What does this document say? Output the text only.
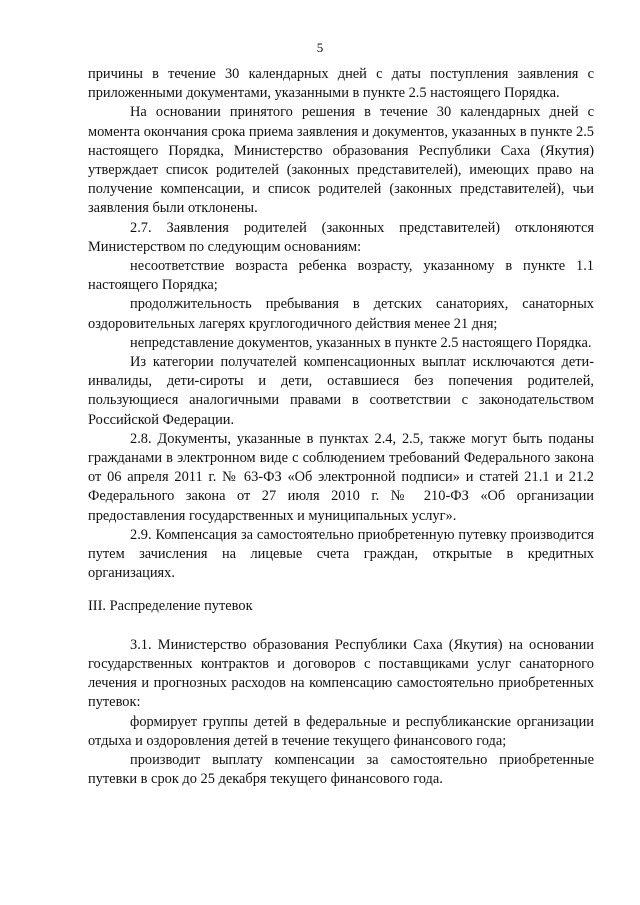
5

причины в течение 30 календарных дней с даты поступления заявления с приложенными документами, указанными в пункте 2.5 настоящего Порядка.

На основании принятого решения в течение 30 календарных дней с момента окончания срока приема заявления и документов, указанных в пункте 2.5 настоящего Порядка, Министерство образования Республики Саха (Якутия) утверждает список родителей (законных представителей), имеющих право на получение компенсации, и список родителей (законных представителей), чьи заявления были отклонены.

2.7. Заявления родителей (законных представителей) отклоняются Министерством по следующим основаниям:

несоответствие возраста ребенка возрасту, указанному в пункте 1.1 настоящего Порядка;

продолжительность пребывания в детских санаториях, санаторных оздоровительных лагерях круглогодичного действия менее 21 дня;

непредставление документов, указанных в пункте 2.5 настоящего Порядка.

Из категории получателей компенсационных выплат исключаются дети-инвалиды, дети-сироты и дети, оставшиеся без попечения родителей, пользующиеся аналогичными правами в соответствии с законодательством Российской Федерации.

2.8. Документы, указанные в пунктах 2.4, 2.5, также могут быть поданы гражданами в электронном виде с соблюдением требований Федерального закона от 06 апреля 2011 г. № 63-ФЗ «Об электронной подписи» и статей 21.1 и 21.2 Федерального закона от 27 июля 2010 г. № 210-ФЗ «Об организации предоставления государственных и муниципальных услуг».

2.9. Компенсация за самостоятельно приобретенную путевку производится путем зачисления на лицевые счета граждан, открытые в кредитных организациях.

III. Распределение путевок

3.1. Министерство образования Республики Саха (Якутия) на основании государственных контрактов и договоров с поставщиками услуг санаторного лечения и прогнозных расходов на компенсацию самостоятельно приобретенных путевок:

формирует группы детей в федеральные и республиканские организации отдыха и оздоровления детей в течение текущего финансового года;

производит выплату компенсации за самостоятельно приобретенные путевки в срок до 25 декабря текущего финансового года.
